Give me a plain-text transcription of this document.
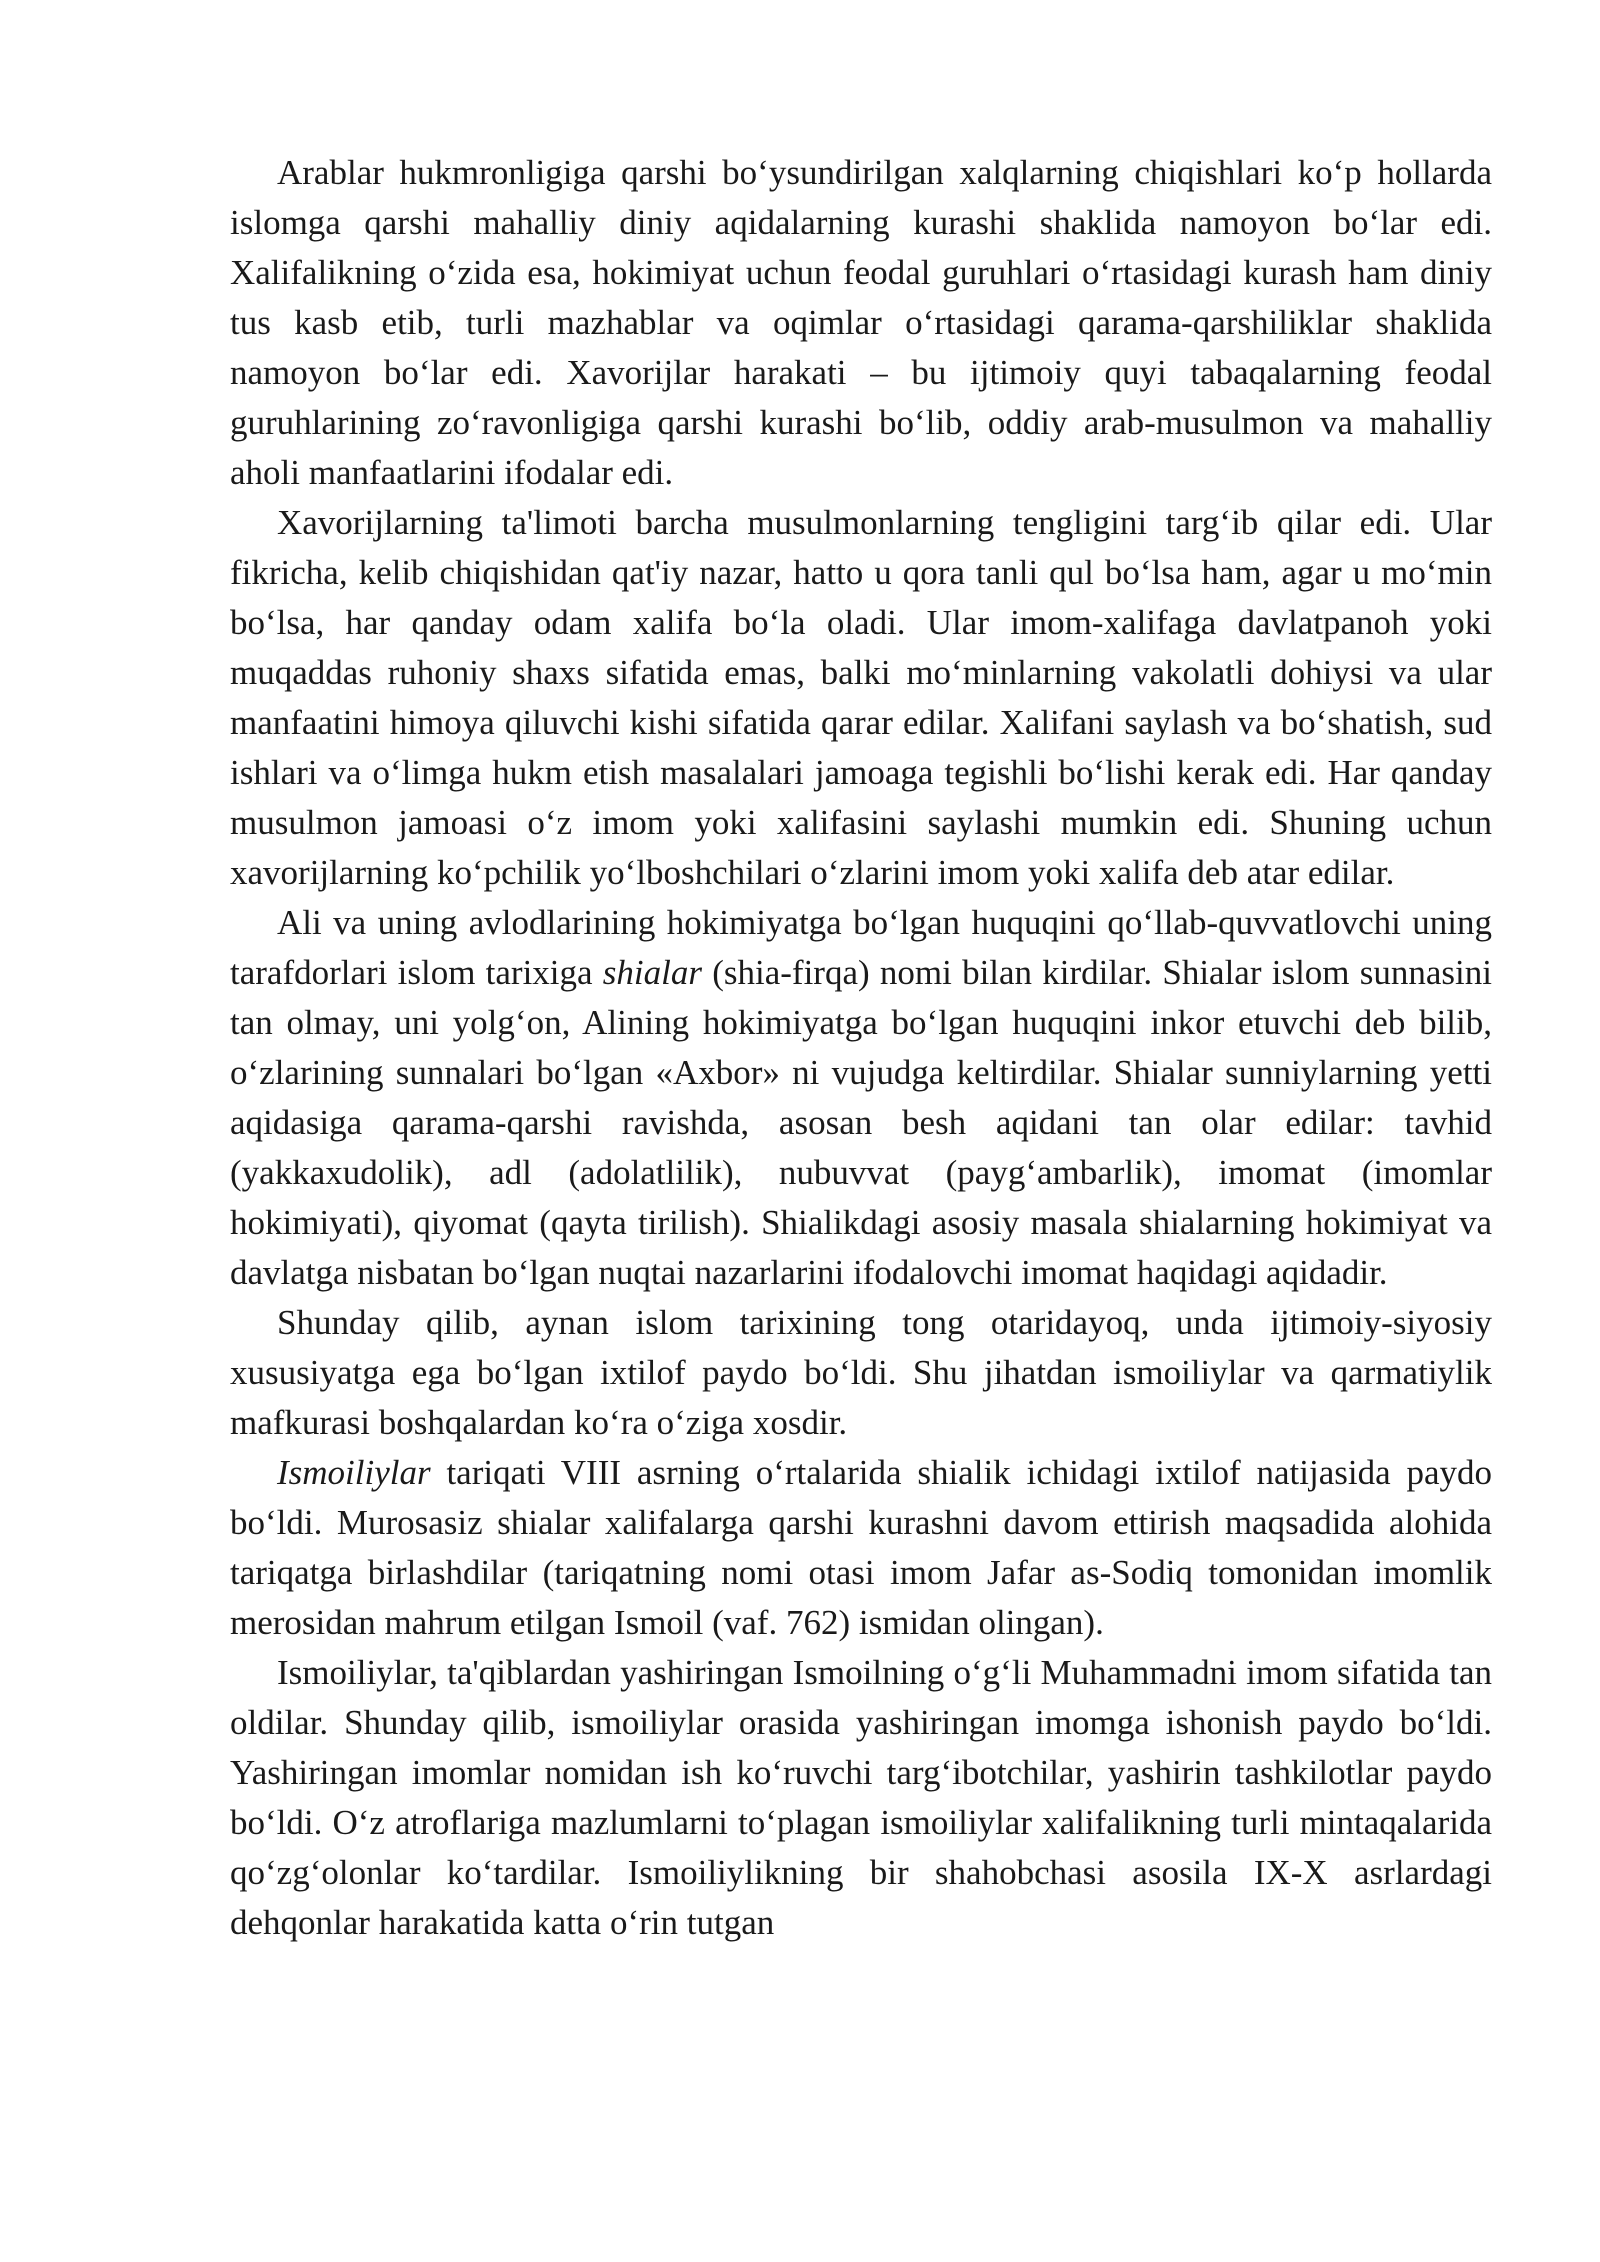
Arablar hukmronligiga qarshi boʻysundirilgan xalqlarning chiqishlari koʻp hollarda islomga qarshi mahalliy diniy aqidalarning kurashi shaklida namoyon boʻlar edi. Xalifalikning oʻzida esa, hokimiyat uchun feodal guruhlari oʻrtasidagi kurash ham diniy tus kasb etib, turli mazhablar va oqimlar oʻrtasidagi qarama-qarshiliklar shaklida namoyon boʻlar edi. Xavorijlar harakati – bu ijtimoiy quyi tabaqalarning feodal guruhlarining zoʻravonligiga qarshi kurashi boʻlib, oddiy arab-musulmon va mahalliy aholi manfaatlarini ifodalar edi.

Xavorijlarning ta'limoti barcha musulmonlarning tengligini targʻib qilar edi. Ular fikricha, kelib chiqishidan qat'iy nazar, hatto u qora tanli qul boʻlsa ham, agar u moʻmin boʻlsa, har qanday odam xalifa boʻla oladi. Ular imom-xalifaga davlatpanoh yoki muqaddas ruhoniy shaxs sifatida emas, balki moʻminlarning vakolatli dohiysi va ular manfaatini himoya qiluvchi kishi sifatida qarar edilar. Xalifani saylash va boʻshatish, sud ishlari va oʻlimga hukm etish masalalari jamoaga tegishli boʻlishi kerak edi. Har qanday musulmon jamoasi oʻz imom yoki xalifasini saylashi mumkin edi. Shuning uchun xavorijlarning koʻpchilik yoʻlboshchilari oʻzlarini imom yoki xalifa deb atar edilar.

Ali va uning avlodlarining hokimiyatga boʻlgan huquqini qoʻllab-quvvatlovchi uning tarafdorlari islom tarixiga shialar (shia-firqa) nomi bilan kirdilar. Shialar islom sunnasini tan olmay, uni yolgʻon, Alining hokimiyatga boʻlgan huquqini inkor etuvchi deb bilib, oʻzlarining sunnalari boʻlgan «Axbor» ni vujudga keltirdilar. Shialar sunniylarning yetti aqidasiga qarama-qarshi ravishda, asosan besh aqidani tan olar edilar: tavhid (yakkaxudolik), adl (adolatlilik), nubuvvat (paygʻambarlik), imomat (imomlar hokimiyati), qiyomat (qayta tirilish). Shialikdagi asosiy masala shialarning hokimiyat va davlatga nisbatan boʻlgan nuqtai nazarlarini ifodalovchi imomat haqidagi aqidadir.

Shunday qilib, aynan islom tarixining tong otaridayoq, unda ijtimoiy-siyosiy xususiyatga ega boʻlgan ixtilof paydo boʻldi. Shu jihatdan ismoiliylar va qarmatiylik mafkurasi boshqalardan koʻra oʻziga xosdir.

Ismoiliylar tariqati VIII asrning oʻrtalarida shialik ichidagi ixtilof natijasida paydo boʻldi. Murosasiz shialar xalifalarga qarshi kurashni davom ettirish maqsadida alohida tariqatga birlashdilar (tariqatning nomi otasi imom Jafar as-Sodiq tomonidan imomlik merosidan mahrum etilgan Ismoil (vaf. 762) ismidan olingan).

Ismoiliylar, ta'qiblardan yashiringan Ismoilning oʻgʻli Muhammadni imom sifatida tan oldilar. Shunday qilib, ismoiliylar orasida yashiringan imomga ishonish paydo boʻldi. Yashiringan imomlar nomidan ish koʻruvchi targʻibotchilar, yashirin tashkilotlar paydo boʻldi. Oʻz atroflariga mazlumlarni toʻplagan ismoiliylar xalifalikning turli mintaqalarida qoʻzgʻolonlar koʻtardilar. Ismoiliylikning bir shahobchasi asosila IX-X asrlardagi dehqonlar harakatida katta oʻrin tutgan
